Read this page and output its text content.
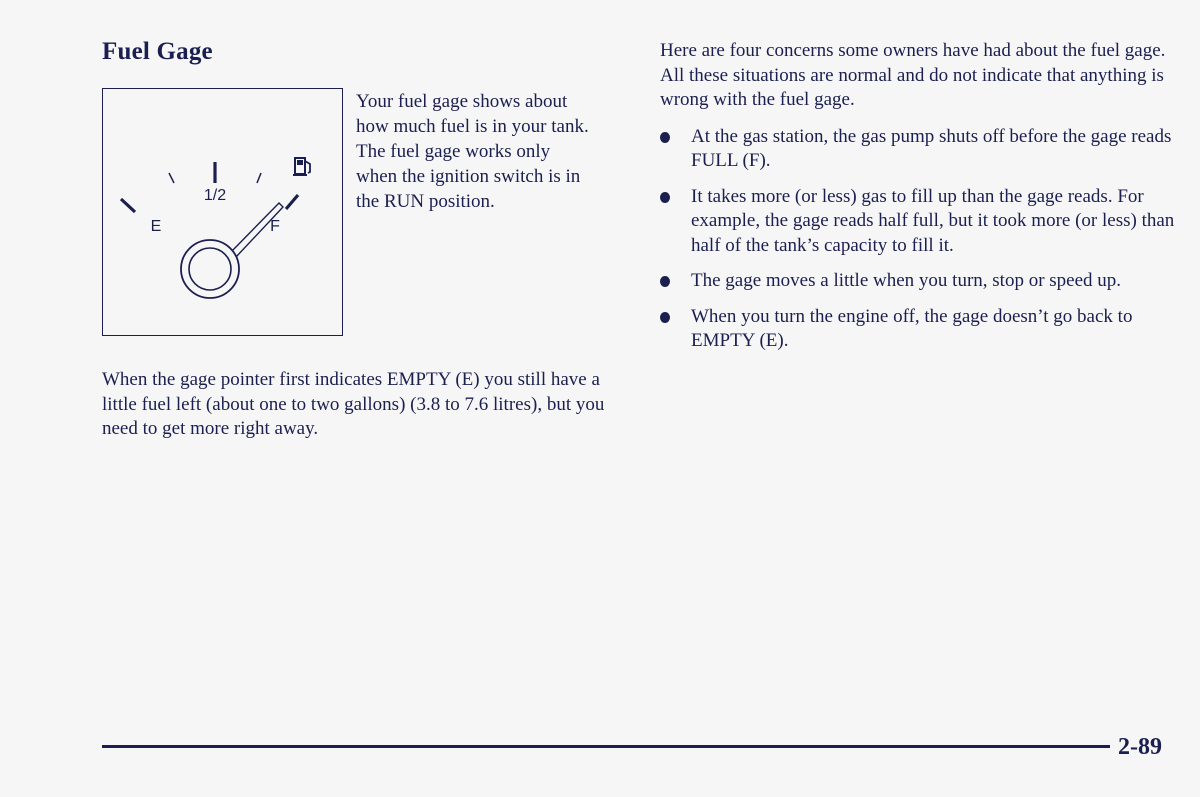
Fuel Gage
1/2
E	F
Your fuel gage shows about how much fuel is in your tank. The fuel gage works only when the ignition switch is in the RUN position.
When the gage pointer first indicates EMPTY (E) you still have a little fuel left (about one to two gallons) (3.8 to 7.6 litres), but you need to get more right away.

Here are four concerns some owners have had about the fuel gage. All these situations are normal and do not indicate that anything is wrong with the fuel gage.

At the gas station, the gas pump shuts off before the gage reads FULL (F).
It takes more (or less) gas to fill up than the gage reads. For example, the gage reads half full, but it took more (or less) than half of the tank’s capacity to fill it.
The gage moves a little when you turn, stop or speed up.
When you turn the engine off, the gage doesn’t go back to EMPTY (E).
2-89
